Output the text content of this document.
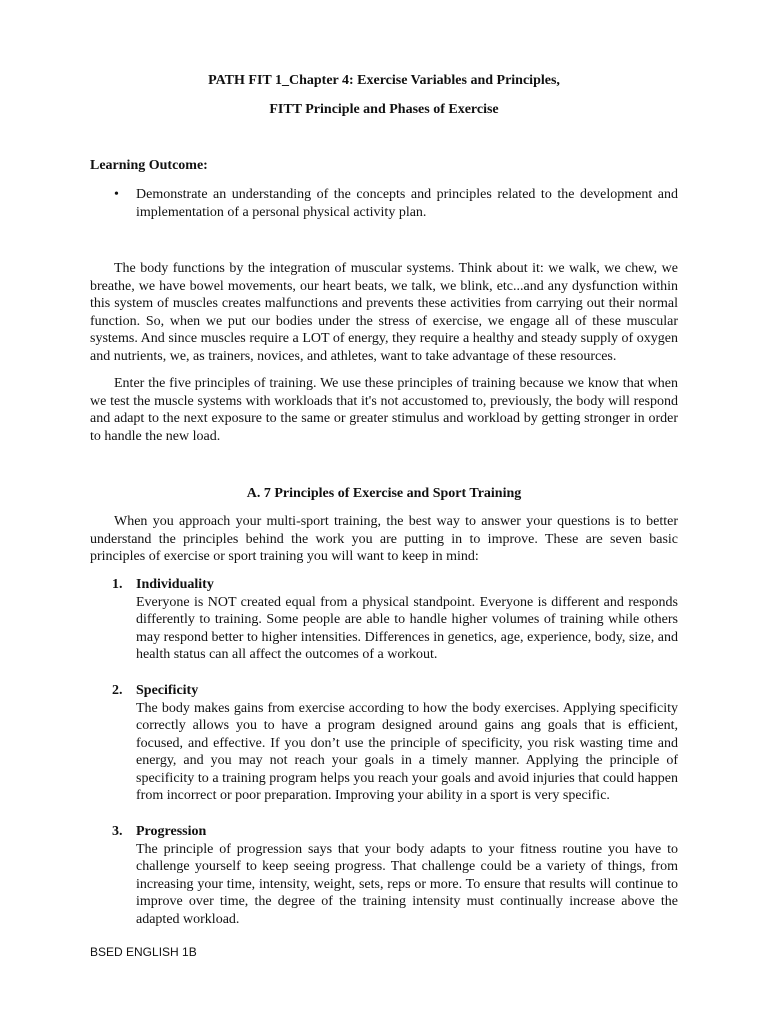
PATH FIT 1_Chapter 4: Exercise Variables and Principles,

FITT Principle and Phases of Exercise

Learning Outcome:

•	Demonstrate an understanding of the concepts and principles related to the development and implementation of a personal physical activity plan.

The body functions by the integration of muscular systems. Think about it: we walk, we chew, we breathe, we have bowel movements, our heart beats, we talk, we blink, etc...and any dysfunction within this system of muscles creates malfunctions and prevents these activities from carrying out their normal function. So, when we put our bodies under the stress of exercise, we engage all of these muscular systems. And since muscles require a LOT of energy, they require a healthy and steady supply of oxygen and nutrients, we, as trainers, novices, and athletes, want to take advantage of these resources.

Enter the five principles of training. We use these principles of training because we know that when we test the muscle systems with workloads that it's not accustomed to, previously, the body will respond and adapt to the next exposure to the same or greater stimulus and workload by getting stronger in order to handle the new load.

A. 7 Principles of Exercise and Sport Training

When you approach your multi-sport training, the best way to answer your questions is to better understand the principles behind the work you are putting in to improve. These are seven basic principles of exercise or sport training you will want to keep in mind:

1. Individuality

Everyone is NOT created equal from a physical standpoint. Everyone is different and responds differently to training. Some people are able to handle higher volumes of training while others may respond better to higher intensities. Differences in genetics, age, experience, body, size, and health status can all affect the outcomes of a workout.

2. Specificity

The body makes gains from exercise according to how the body exercises. Applying specificity correctly allows you to have a program designed around gains ang goals that is efficient, focused, and effective. If you don’t use the principle of specificity, you risk wasting time and energy, and you may not reach your goals in a timely manner. Applying the principle of specificity to a training program helps you reach your goals and avoid injuries that could happen from incorrect or poor preparation. Improving your ability in a sport is very specific.

3. Progression

The principle of progression says that your body adapts to your fitness routine you have to challenge yourself to keep seeing progress. That challenge could be a variety of things, from increasing your time, intensity, weight, sets, reps or more. To ensure that results will continue to improve over time, the degree of the training intensity must continually increase above the adapted workload.

BSED ENGLISH 1B
